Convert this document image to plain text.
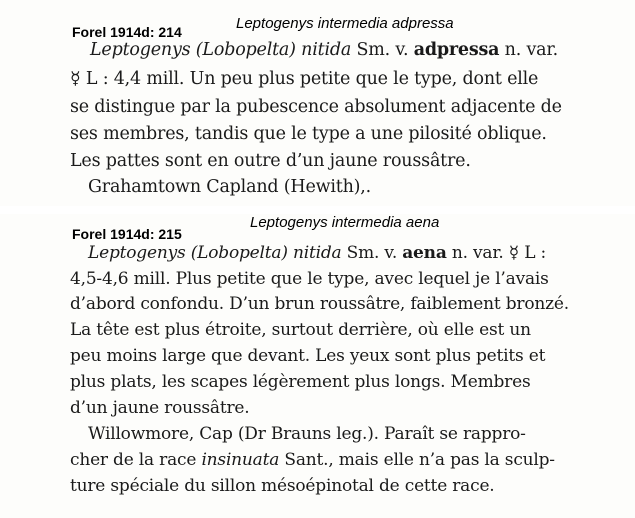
Forel 1914d: 214	Leptogenys intermedia adpressa
Leptogenys (Lobopelta) nitida Sm. v. adpressa n. var.
☿ L : 4,4 mill. Un peu plus petite que le type, dont elle
se distingue par la pubescence absolument adjacente de
ses membres, tandis que le type a une pilosité oblique.
Les pattes sont en outre d’un jaune roussâtre.
Grahamtown Capland (Hewith),.
Forel 1914d: 215
Leptogenys intermedia aena
Leptogenys (Lobopelta) nitida Sm. v. aena n. var. ☿ L :
4,5-4,6 mill. Plus petite que le type, avec lequel je l’avais
d’abord confondu. D’un brun roussâtre, faiblement bronzé.
La tête est plus étroite, surtout derrière, où elle est un
peu moins large que devant. Les yeux sont plus petits et
plus plats, les scapes légèrement plus longs. Membres
d’un jaune roussâtre.
Willowmore, Cap (Dr Brauns leg.). Paraît se rappro-
cher de la race insinuata Sant., mais elle n’a pas la sculp-
ture spéciale du sillon mésoépinotal de cette race.
